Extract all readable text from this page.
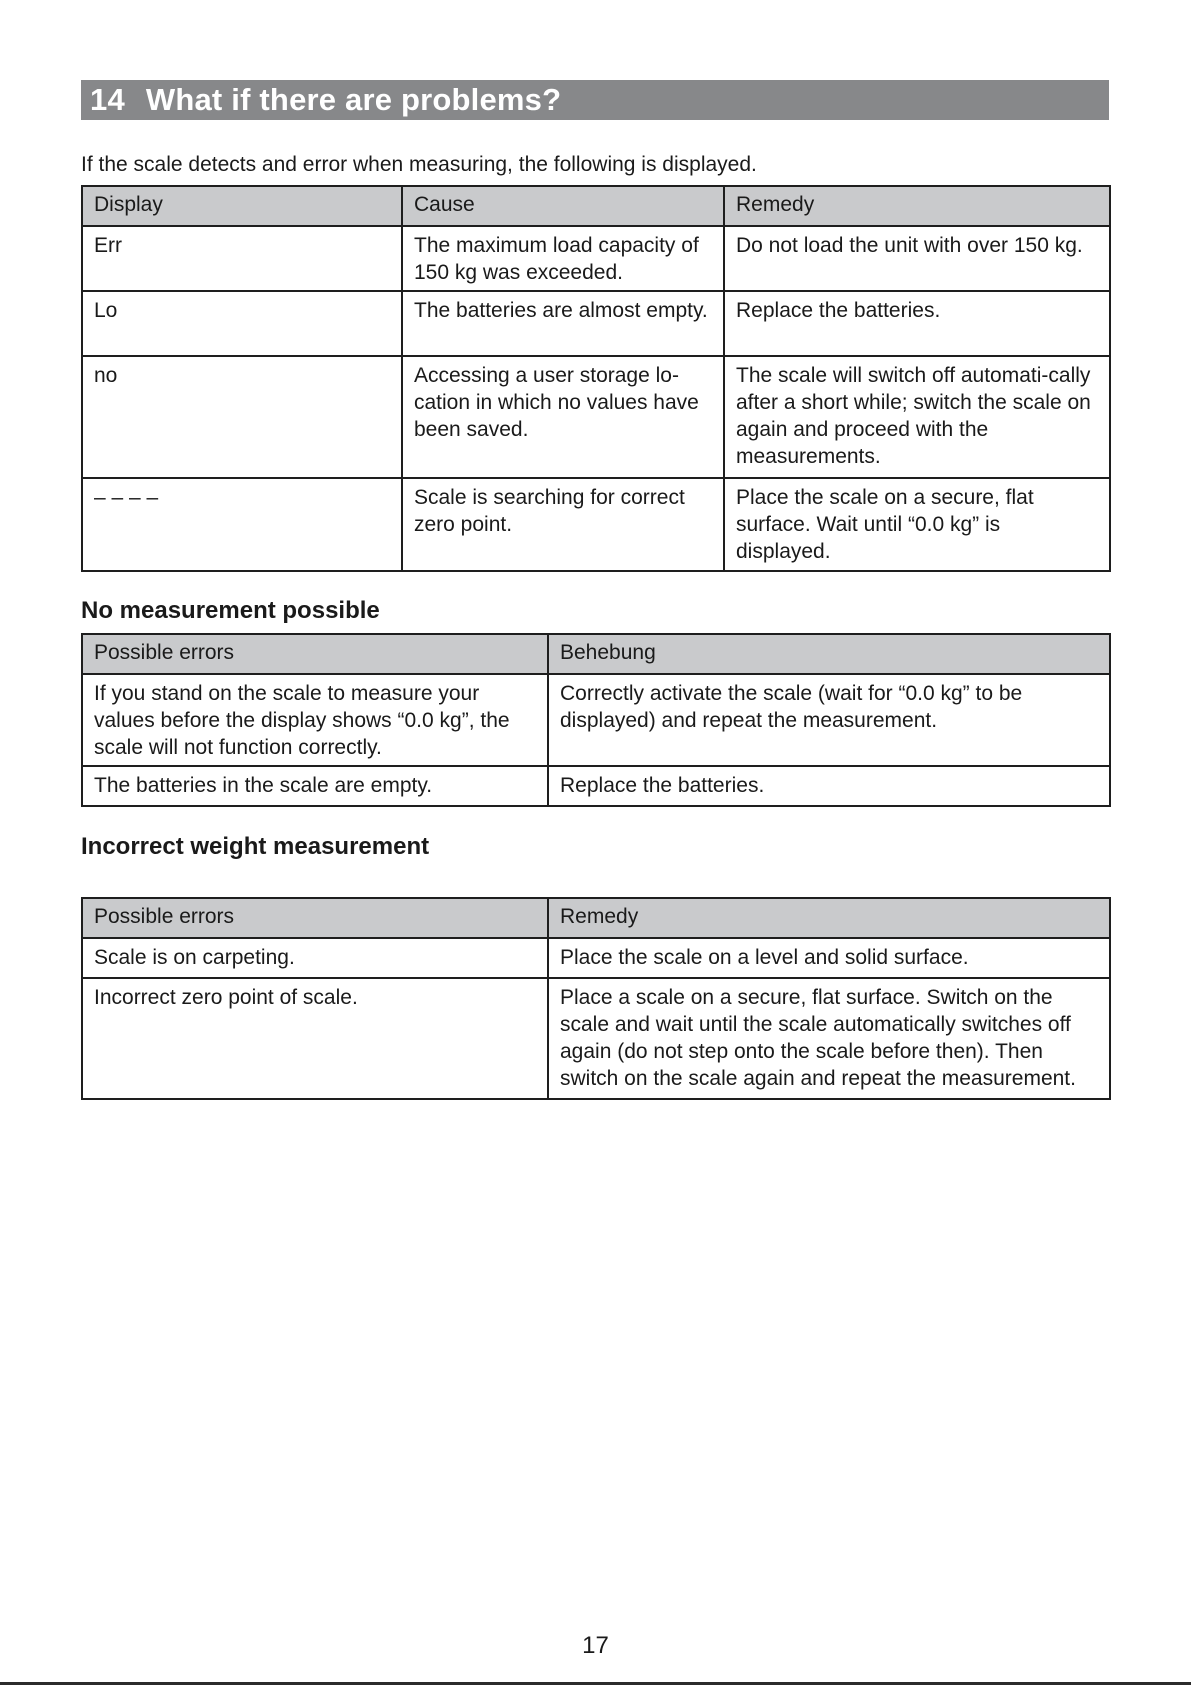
14 What if there are problems?

If the scale detects and error when measuring, the following is displayed.

Display	Cause	Remedy
Err	The maximum load capacity of 150 kg was exceeded.	Do not load the unit with over 150 kg.
Lo	The batteries are almost empty.	Replace the batteries.
no	Accessing a user storage lo-cation in which no values have been saved.	The scale will switch off automati-cally after a short while; switch the scale on again and proceed with the measurements.
– – – –	Scale is searching for correct zero point.	Place the scale on a secure, flat surface. Wait until “0.0 kg” is displayed.
No measurement possible
Possible errors	Behebung
If you stand on the scale to measure your values before the display shows “0.0 kg”, the scale will not function correctly.	Correctly activate the scale (wait for “0.0 kg” to be displayed) and repeat the measurement.
The batteries in the scale are empty.	Replace the batteries.
Incorrect weight measurement
Possible errors	Remedy
Scale is on carpeting.	Place the scale on a level and solid surface.
Incorrect zero point of scale.	Place a scale on a secure, flat surface. Switch on the scale and wait until the scale automatically switches off again (do not step onto the scale before then). Then switch on the scale again and repeat the measurement.
17
